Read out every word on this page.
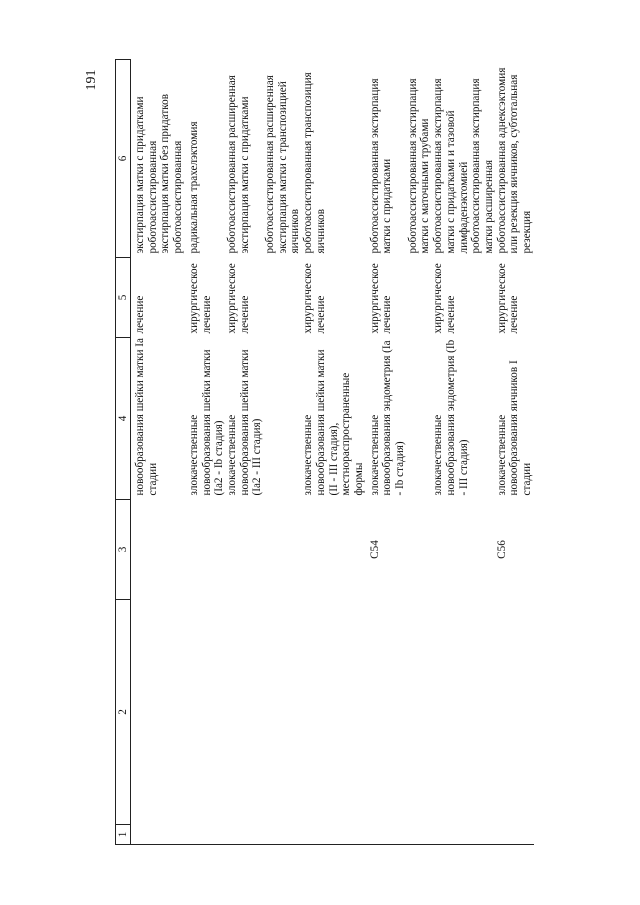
191
1	2	3	4	5	6

			новообразования шейки матки Ia стадии	лечение	экстирпация матки с придатками роботоассистированная
					экстирпация матки без придатков роботоассистированная

			злокачественные новообразования шейки матки (Ia2 - Ib стадия)	хирургическое лечение	радикальная трахелэктомия
			злокачественные новообразования шейки матки (Ia2 - III стадия)	хирургическое лечение	роботоассистированная расширенная экстирпация матки с придатками
					роботоассистированная расширенная экстирпация матки с транспозицией яичников
			злокачественные новообразования шейки матки (II - III стадия), местнораспространенные формы	хирургическое лечение	роботоассистированная транспозиция яичников

		C54	злокачественные новообразования эндометрия (Ia - Ib стадия)	хирургическое лечение	роботоассистированная экстирпация матки с придатками
					роботоассистированная экстирпация матки с маточными трубами
			злокачественные новообразования эндометрия (Ib - III стадия)	хирургическое лечение	роботоассистированная экстирпация матки с придатками и тазовой лимфаденэктомией
					роботоассистированная экстирпация матки расширенная
		C56	злокачественные новообразования яичников I стадии	хирургическое лечение	роботоассистированная аднексэктомия или резекция яичников, субтотальная резекция
